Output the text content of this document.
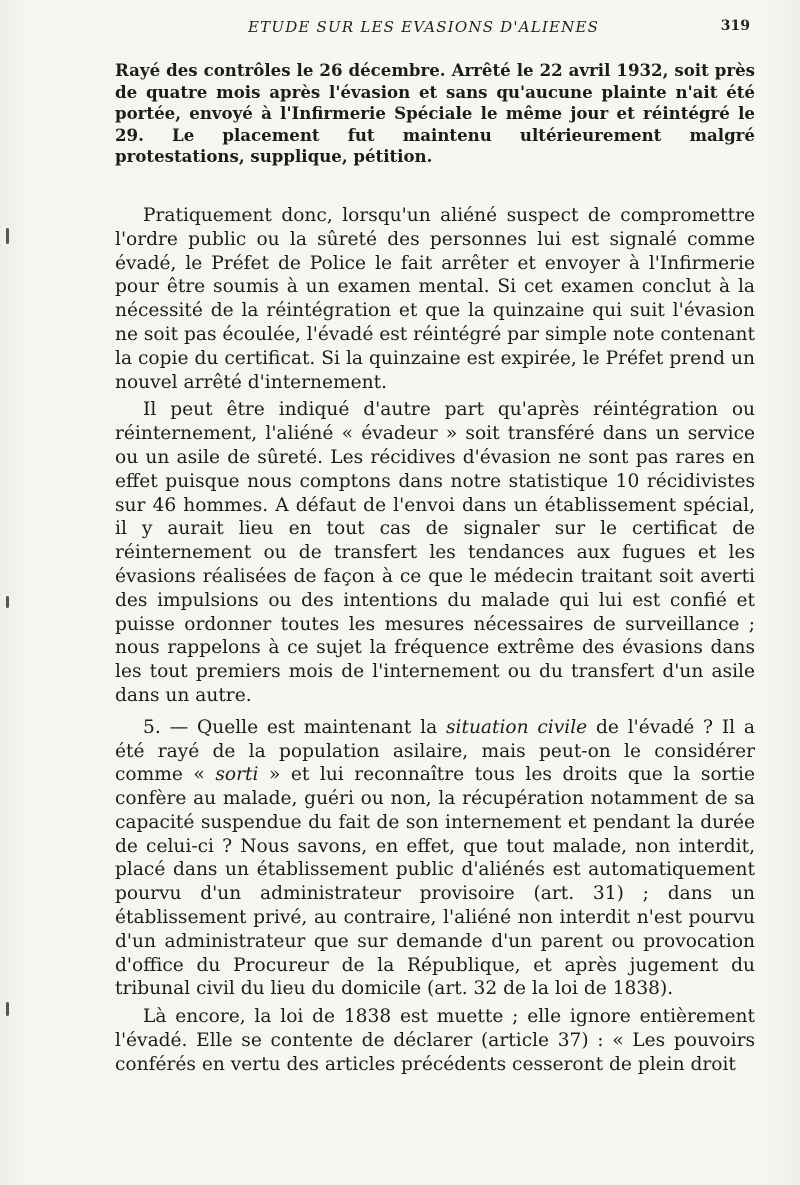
ETUDE SUR LES EVASIONS D'ALIENES	319

Rayé des contrôles le 26 décembre. Arrêté le 22 avril 1932, soit près de quatre mois après l'évasion et sans qu'aucune plainte n'ait été portée, envoyé à l'Infirmerie Spéciale le même jour et réintégré le 29. Le placement fut maintenu ultérieurement malgré protestations, supplique, pétition.

Pratiquement donc, lorsqu'un aliéné suspect de compromettre l'ordre public ou la sûreté des personnes lui est signalé comme évadé, le Préfet de Police le fait arrêter et envoyer à l'Infirmerie pour être soumis à un examen mental. Si cet examen conclut à la nécessité de la réintégration et que la quinzaine qui suit l'évasion ne soit pas écoulée, l'évadé est réintégré par simple note contenant la copie du certificat. Si la quinzaine est expirée, le Préfet prend un nouvel arrêté d'internement.

Il peut être indiqué d'autre part qu'après réintégration ou réinternement, l'aliéné « évadeur » soit transféré dans un service ou un asile de sûreté. Les récidives d'évasion ne sont pas rares en effet puisque nous comptons dans notre statistique 10 récidivistes sur 46 hommes. A défaut de l'envoi dans un établissement spécial, il y aurait lieu en tout cas de signaler sur le certificat de réinternement ou de transfert les tendances aux fugues et les évasions réalisées de façon à ce que le médecin traitant soit averti des impulsions ou des intentions du malade qui lui est confié et puisse ordonner toutes les mesures nécessaires de surveillance ; nous rappelons à ce sujet la fréquence extrême des évasions dans les tout premiers mois de l'internement ou du transfert d'un asile dans un autre.

5. — Quelle est maintenant la situation civile de l'évadé ? Il a été rayé de la population asilaire, mais peut-on le considérer comme « sorti » et lui reconnaître tous les droits que la sortie confère au malade, guéri ou non, la récupération notamment de sa capacité suspendue du fait de son internement et pendant la durée de celui-ci ? Nous savons, en effet, que tout malade, non interdit, placé dans un établissement public d'aliénés est automatiquement pourvu d'un administrateur provisoire (art. 31) ; dans un établissement privé, au contraire, l'aliéné non interdit n'est pourvu d'un administrateur que sur demande d'un parent ou provocation d'office du Procureur de la République, et après jugement du tribunal civil du lieu du domicile (art. 32 de la loi de 1838).

Là encore, la loi de 1838 est muette ; elle ignore entièrement l'évadé. Elle se contente de déclarer (article 37) : « Les pouvoirs conférés en vertu des articles précédents cesseront de plein droit
